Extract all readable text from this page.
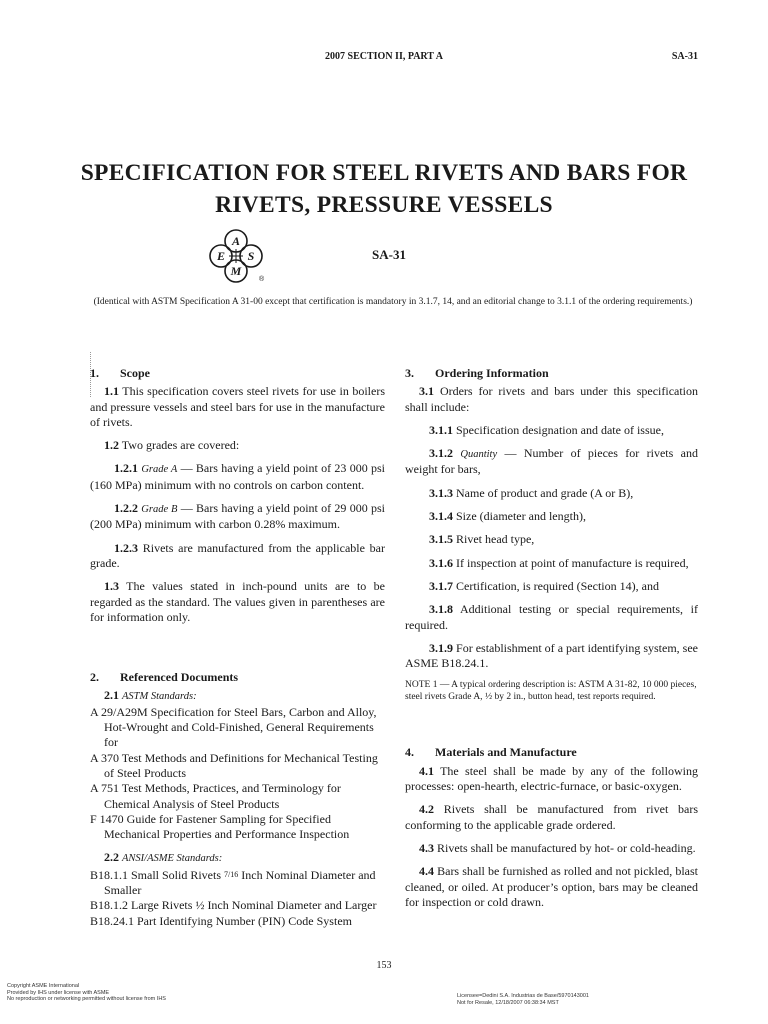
2007 SECTION II, PART A	SA-31
SPECIFICATION FOR STEEL RIVETS AND BARS FOR
RIVETS, PRESSURE VESSELS
A
E S
M
®
SA-31
(Identical with ASTM Specification A 31-00 except that certification is mandatory in 3.1.7, 14, and an editorial change to 3.1.1 of the ordering requirements.)
1. Scope

1.1 This specification covers steel rivets for use in boilers and pressure vessels and steel bars for use in the manufacture of rivets.

1.2 Two grades are covered:

1.2.1 Grade A — Bars having a yield point of 23 000 psi (160 MPa) minimum with no controls on carbon content.

1.2.2 Grade B — Bars having a yield point of 29 000 psi (200 MPa) minimum with carbon 0.28% maximum.

1.2.3 Rivets are manufactured from the applicable bar grade.

1.3 The values stated in inch-pound units are to be regarded as the standard. The values given in parentheses are for information only.

2. Referenced Documents

2.1 ASTM Standards:

A 29/A29M Specification for Steel Bars, Carbon and Alloy, Hot-Wrought and Cold-Finished, General Requirements for

A 370 Test Methods and Definitions for Mechanical Testing of Steel Products

A 751 Test Methods, Practices, and Terminology for Chemical Analysis of Steel Products

F 1470 Guide for Fastener Sampling for Specified Mechanical Properties and Performance Inspection

2.2 ANSI/ASME Standards:

B18.1.1 Small Solid Rivets 7/16 Inch Nominal Diameter and Smaller

B18.1.2 Large Rivets ½ Inch Nominal Diameter and Larger

B18.24.1 Part Identifying Number (PIN) Code System

3. Ordering Information

3.1 Orders for rivets and bars under this specification shall include:

3.1.1 Specification designation and date of issue,

3.1.2 Quantity — Number of pieces for rivets and weight for bars,

3.1.3 Name of product and grade (A or B),

3.1.4 Size (diameter and length),

3.1.5 Rivet head type,

3.1.6 If inspection at point of manufacture is required,

3.1.7 Certification, is required (Section 14), and

3.1.8 Additional testing or special requirements, if required.

3.1.9 For establishment of a part identifying system, see ASME B18.24.1.

NOTE 1 — A typical ordering description is: ASTM A 31-82, 10 000 pieces, steel rivets Grade A, ½ by 2 in., button head, test reports required.

4. Materials and Manufacture

4.1 The steel shall be made by any of the following processes: open-hearth, electric-furnace, or basic-oxygen.

4.2 Rivets shall be manufactured from rivet bars conforming to the applicable grade ordered.

4.3 Rivets shall be manufactured by hot- or cold-heading.

4.4 Bars shall be furnished as rolled and not pickled, blast cleaned, or oiled. At producer’s option, bars may be cleaned for inspection or cold drawn.

153
Copyright ASME International
Provided by IHS under license with ASME
No reproduction or networking permitted without license from IHS	Licensee=Dedini S.A. Industrias de Base/5970143001
Not for Resale, 12/18/2007 06:38:34 MST
